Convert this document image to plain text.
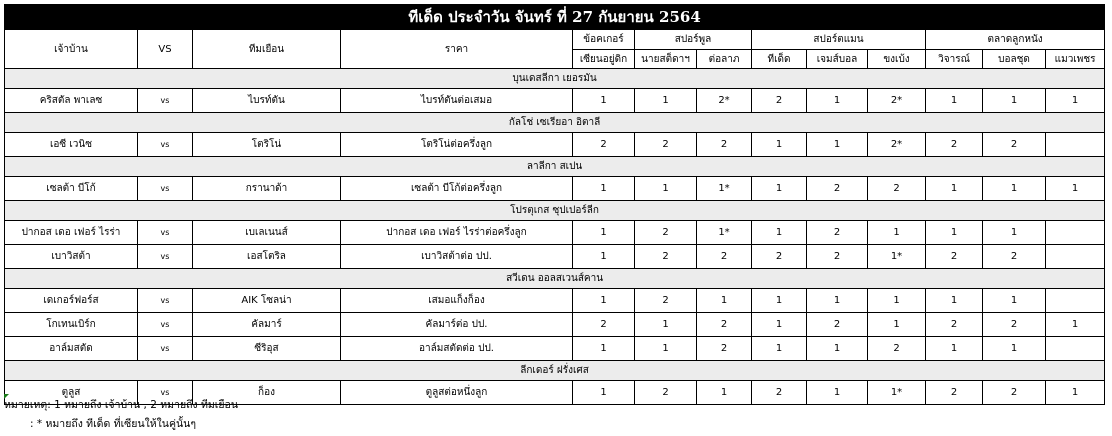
ทีเด็ด ประจำวัน จันทร์ ที่ 27 กันยายน 2564												
เจ้าบ้าน	VS	ทีมเยือน	ราคา	ข้อคเกอร์	สปอร์พูล		สปอร์ตแมน			ตลาดลูกหนัง		
				เซียนอยู่ดิก	นายสต็ดาฯ	ต่อลาภ	ทีเด็ด	เจมส์บอล	ขงเบ้ง	วิจารณ์	บอลชุด	แมวเพชร
บุนเดสลีกา เยอรมัน												
คริสตัล พาเลซ	vs	ไบรท์ตัน	ไบรท์ตันต่อเสมอ	1	1	2*	2	1	2*	1	1	1
กัลโช่ เซเรียอา อิตาลี												
เอซี เวนิซ	vs	โตริโน่	โตริโน่ต่อครึ่งลูก	2	2	2	1	1	2*	2	2	
ลาลีกา สเปน												
เซลต้า บีโก้	vs	กรานาด้า	เซลต้า บีโก้ต่อครึ่งลูก	1	1	1*	1	2	2	1	1	1
โปรตุเกส ซุปเปอร์ลีก												
ปากอส เดอ เฟอร์ ไรร่า	vs	เบเลเนนส์	ปากอส เดอ เฟอร์ ไรร่าต่อครึ่งลูก	1	2	1*	1	2	1	1	1	
เบาวิสต้า	vs	เอสโตริล	เบาวิสต้าต่อ ปป.	1	2	2	2	2	1*	2	2	
สวีเดน ออลสเวนส์คาน												
เดเกอร์ฟอร์ส	vs	AIK โซลน่า	เสมอแก็งก็อง	1	2	1	1	1	1	1	1	
โกเทนเบิร์ก	vs	คัลมาร์	คัลมาร์ต่อ ปป.	2	1	2	1	2	1	2	2	1
อาล์มสตัด	vs	ซีริอุส	อาล์มสตัดต่อ ปป.	1	1	2	1	1	2	1	1	
ลีกเดอร์ ฝรั่งเศส												
ตูลูส	vs	ก็อง	ตูลูสต่อหนึ่งลูก	1	2	1	2	1	1*	2	2	1
หมายเหตุ: 1 หมายถึง เจ้าบ้าน , 2 หมายถึง ทีมเยือน
: * หมายถึง ทีเด็ด ที่เซียนให้ในคู่นั้นๆ
